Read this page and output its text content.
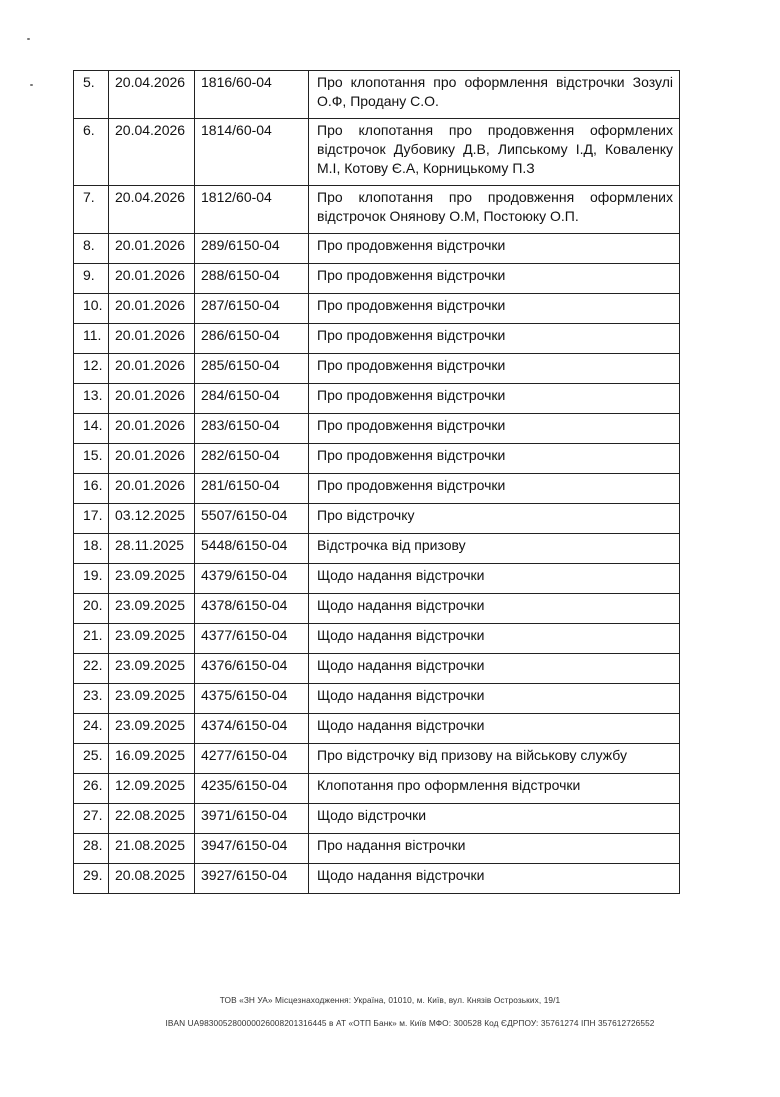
5.	20.04.2026	1816/60-04	Про клопотання про оформлення відстрочки Зозулі О.Ф, Продану С.О.
6.	20.04.2026	1814/60-04	Про клопотання про продовження оформлених відстрочок Дубовику Д.В, Липському І.Д, Коваленку М.І, Котову Є.А, Корницькому П.З
7.	20.04.2026	1812/60-04	Про клопотання про продовження оформлених відстрочок Онянову О.М, Постоюку О.П.
8.	20.01.2026	289/6150-04	Про продовження відстрочки
9.	20.01.2026	288/6150-04	Про продовження відстрочки
10.	20.01.2026	287/6150-04	Про продовження відстрочки
11.	20.01.2026	286/6150-04	Про продовження відстрочки
12.	20.01.2026	285/6150-04	Про продовження відстрочки
13.	20.01.2026	284/6150-04	Про продовження відстрочки
14.	20.01.2026	283/6150-04	Про продовження відстрочки
15.	20.01.2026	282/6150-04	Про продовження відстрочки
16.	20.01.2026	281/6150-04	Про продовження відстрочки
17.	03.12.2025	5507/6150-04	Про відстрочку
18.	28.11.2025	5448/6150-04	Відстрочка від призову
19.	23.09.2025	4379/6150-04	Щодо надання відстрочки
20.	23.09.2025	4378/6150-04	Щодо надання відстрочки
21.	23.09.2025	4377/6150-04	Щодо надання відстрочки
22.	23.09.2025	4376/6150-04	Щодо надання відстрочки
23.	23.09.2025	4375/6150-04	Щодо надання відстрочки
24.	23.09.2025	4374/6150-04	Щодо надання відстрочки
25.	16.09.2025	4277/6150-04	Про відстрочку від призову на військову службу
26.	12.09.2025	4235/6150-04	Клопотання про оформлення відстрочки
27.	22.08.2025	3971/6150-04	Щодо відстрочки
28.	21.08.2025	3947/6150-04	Про надання вістрочки
29.	20.08.2025	3927/6150-04	Щодо надання відстрочки
ТОВ «ЗН УА» Місцезнаходження: Україна, 01010, м. Київ, вул. Князів Острозьких, 19/1
IBAN UA983005280000026008201316445 в АТ «ОТП Банк» м. Київ МФО: 300528 Код ЄДРПОУ: 35761274 ІПН 357612726552
